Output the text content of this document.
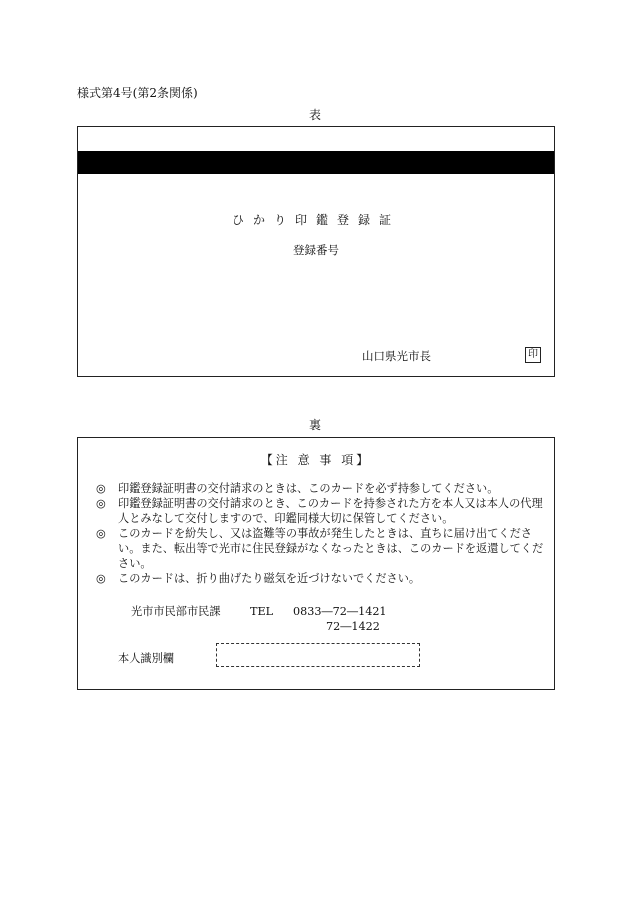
様式第4号(第2条関係)
表
ひかり印鑑登録証
登録番号
山口県光市長	印
裏
【注 意 事 項】
◎ 印鑑登録証明書の交付請求のときは、このカードを必ず持参してください。
◎ 印鑑登録証明書の交付請求のとき、このカードを持参された方を本人又は本人の代理人とみなして交付しますので、印鑑同様大切に保管してください。
◎ このカードを紛失し、又は盗難等の事故が発生したときは、直ちに届け出てください。また、転出等で光市に住民登録がなくなったときは、このカードを返還してください。
◎ このカードは、折り曲げたり磁気を近づけないでください。
光市市民部市民課	TEL 0833―72―1421
72―1422
本人識別欄
